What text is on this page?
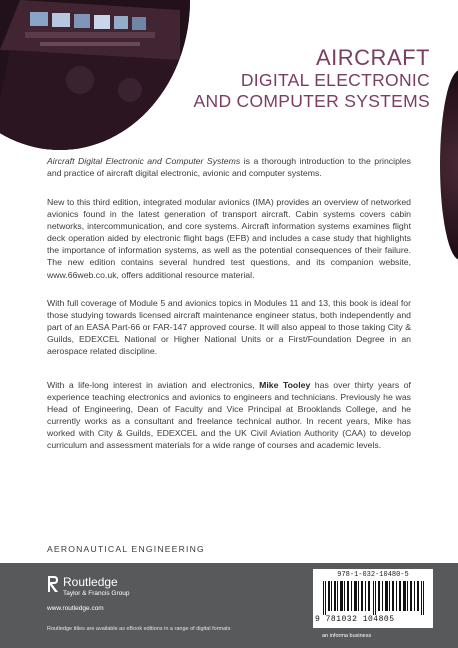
AIRCRAFT
DIGITAL ELECTRONIC
AND COMPUTER SYSTEMS

Aircraft Digital Electronic and Computer Systems is a thorough introduction to the principles and practice of aircraft digital electronic, avionic and computer systems.

New to this third edition, integrated modular avionics (IMA) provides an overview of networked avionics found in the latest generation of transport aircraft. Cabin systems covers cabin networks, intercommunication, and core systems. Aircraft information systems examines flight deck operation aided by electronic flight bags (EFB) and includes a case study that highlights the importance of information systems, as well as the potential consequences of their failure. The new edition contains several hundred test questions, and its companion website, www.66web.co.uk, offers additional resource material.

With full coverage of Module 5 and avionics topics in Modules 11 and 13, this book is ideal for those studying towards licensed aircraft maintenance engineer status, both independently and part of an EASA Part-66 or FAR-147 approved course. It will also appeal to those taking City & Guilds, EDEXCEL National or Higher National Units or a First/Foundation Degree in an aerospace related discipline.

With a life-long interest in aviation and electronics, Mike Tooley has over thirty years of experience teaching electronics and avionics to engineers and technicians. Previously he was Head of Engineering, Dean of Faculty and Vice Principal at Brooklands College, and he currently works as a consultant and freelance technical author. In recent years, Mike has worked with City & Guilds, EDEXCEL and the UK Civil Aviation Authority (CAA) to develop curriculum and assessment materials for a wide range of courses and academic levels.

AERONAUTICAL ENGINEERING
Routledge
Taylor & Francis Group
www.routledge.com
Routledge titles are available as eBook editions in a range of digital formats
978-1-032-10480-5
9 781032 104805
an informa business
